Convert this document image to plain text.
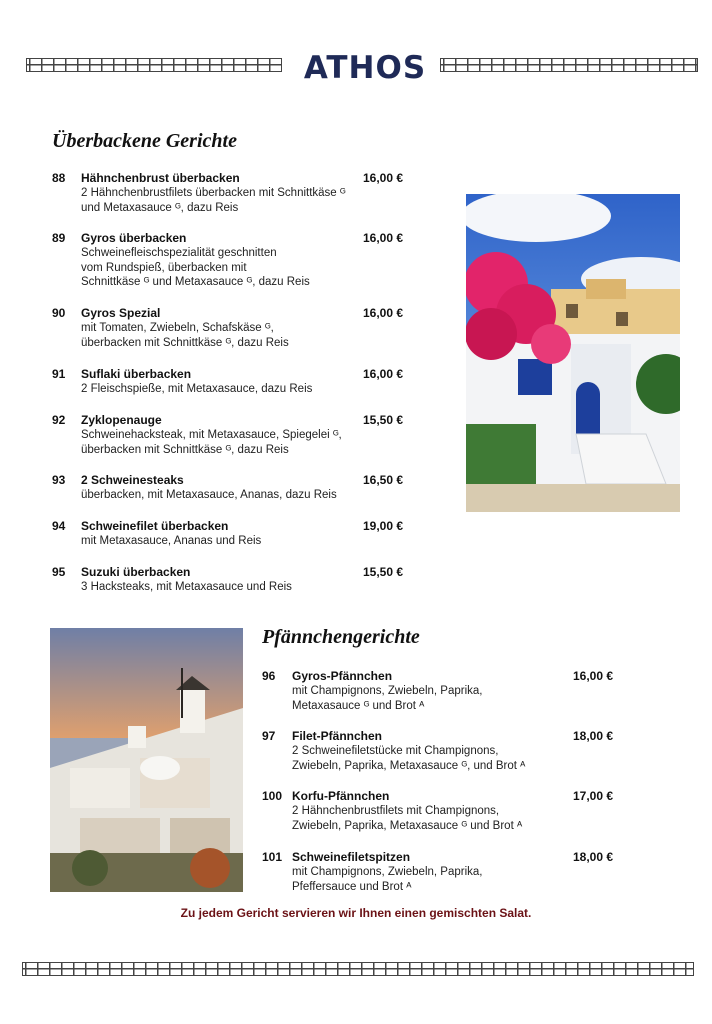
ATHOS
Überbackene Gerichte
88 Hähnchenbrust überbacken	16,00 €
2 Hähnchenbrustfilets überbacken mit Schnittkäse ᴳ
und Metaxasauce ᴳ, dazu Reis
89 Gyros überbacken	16,00 €
Schweinefleischspezialität geschnitten
vom Rundspieß, überbacken mit
Schnittkäse ᴳ und Metaxasauce ᴳ, dazu Reis
90 Gyros Spezial	16,00 €
mit Tomaten, Zwiebeln, Schafskäse ᴳ,
überbacken mit Schnittkäse ᴳ, dazu Reis
91 Suflaki überbacken	16,00 €
2 Fleischspieße, mit Metaxasauce, dazu Reis
92 Zyklopenauge	15,50 €
Schweinehacksteak, mit Metaxasauce, Spiegelei ᴳ,
überbacken mit Schnittkäse ᴳ, dazu Reis
93 2 Schweinesteaks	16,50 €
überbacken, mit Metaxasauce, Ananas, dazu Reis
94 Schweinefilet überbacken	19,00 €
mit Metaxasauce, Ananas und Reis
95 Suzuki überbacken	15,50 €
3 Hacksteaks, mit Metaxasauce und Reis
Pfännchengerichte
96 Gyros-Pfännchen	16,00 €
mit Champignons, Zwiebeln, Paprika,
Metaxasauce ᴳ und Brot ᴬ
97 Filet-Pfännchen	18,00 €
2 Schweinefiletstücke mit Champignons,
Zwiebeln, Paprika, Metaxasauce ᴳ, und Brot ᴬ
100 Korfu-Pfännchen	17,00 €
2 Hähnchenbrustfilets mit Champignons,
Zwiebeln, Paprika, Metaxasauce ᴳ und Brot ᴬ
101 Schweinefiletspitzen	18,00 €
mit Champignons, Zwiebeln, Paprika,
Pfeffersauce und Brot ᴬ
Zu jedem Gericht servieren wir Ihnen einen gemischten Salat.
